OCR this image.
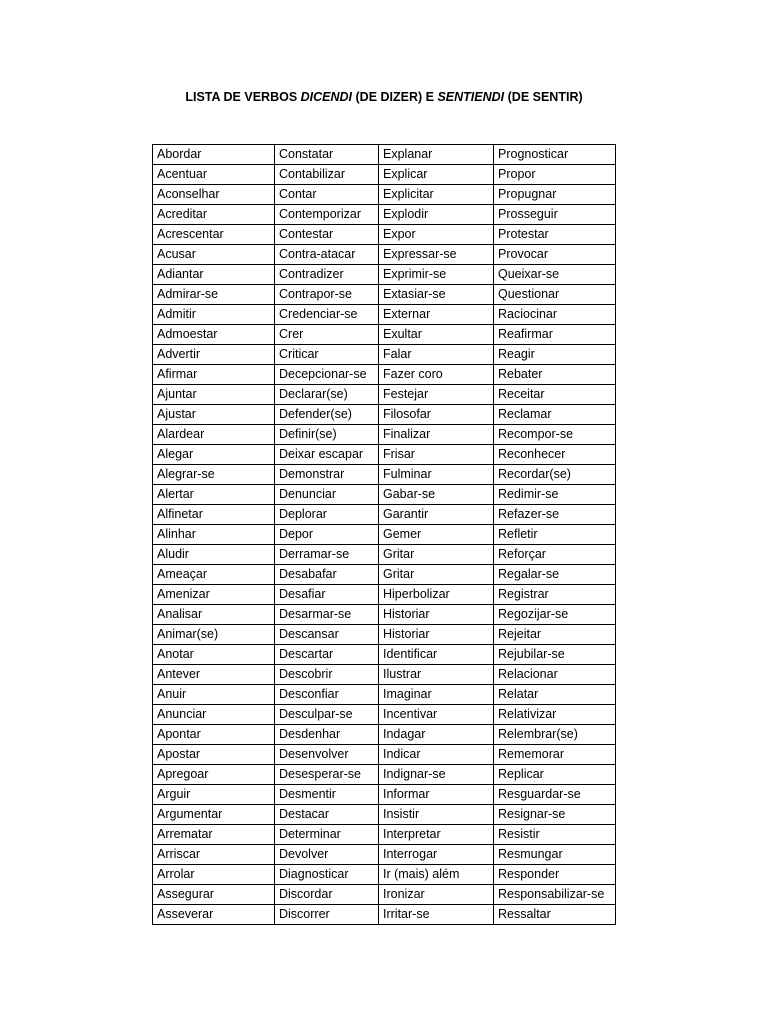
LISTA DE VERBOS DICENDI (DE DIZER) E SENTIENDI (DE SENTIR)
Abordar	Constatar	Explanar	Prognosticar
Acentuar	Contabilizar	Explicar	Propor
Aconselhar	Contar	Explicitar	Propugnar
Acreditar	Contemporizar	Explodir	Prosseguir
Acrescentar	Contestar	Expor	Protestar
Acusar	Contra-atacar	Expressar-se	Provocar
Adiantar	Contradizer	Exprimir-se	Queixar-se
Admirar-se	Contrapor-se	Extasiar-se	Questionar
Admitir	Credenciar-se	Externar	Raciocinar
Admoestar	Crer	Exultar	Reafirmar
Advertir	Criticar	Falar	Reagir
Afirmar	Decepcionar-se	Fazer coro	Rebater
Ajuntar	Declarar(se)	Festejar	Receitar
Ajustar	Defender(se)	Filosofar	Reclamar
Alardear	Definir(se)	Finalizar	Recompor-se
Alegar	Deixar escapar	Frisar	Reconhecer
Alegrar-se	Demonstrar	Fulminar	Recordar(se)
Alertar	Denunciar	Gabar-se	Redimir-se
Alfinetar	Deplorar	Garantir	Refazer-se
Alinhar	Depor	Gemer	Refletir
Aludir	Derramar-se	Gritar	Reforçar
Ameaçar	Desabafar	Gritar	Regalar-se
Amenizar	Desafiar	Hiperbolizar	Registrar
Analisar	Desarmar-se	Historiar	Regozijar-se
Animar(se)	Descansar	Historiar	Rejeitar
Anotar	Descartar	Identificar	Rejubilar-se
Antever	Descobrir	Ilustrar	Relacionar
Anuir	Desconfiar	Imaginar	Relatar
Anunciar	Desculpar-se	Incentivar	Relativizar
Apontar	Desdenhar	Indagar	Relembrar(se)
Apostar	Desenvolver	Indicar	Rememorar
Apregoar	Desesperar-se	Indignar-se	Replicar
Arguir	Desmentir	Informar	Resguardar-se
Argumentar	Destacar	Insistir	Resignar-se
Arrematar	Determinar	Interpretar	Resistir
Arriscar	Devolver	Interrogar	Resmungar
Arrolar	Diagnosticar	Ir (mais) além	Responder
Assegurar	Discordar	Ironizar	Responsabilizar-se
Asseverar	Discorrer	Irritar-se	Ressaltar
